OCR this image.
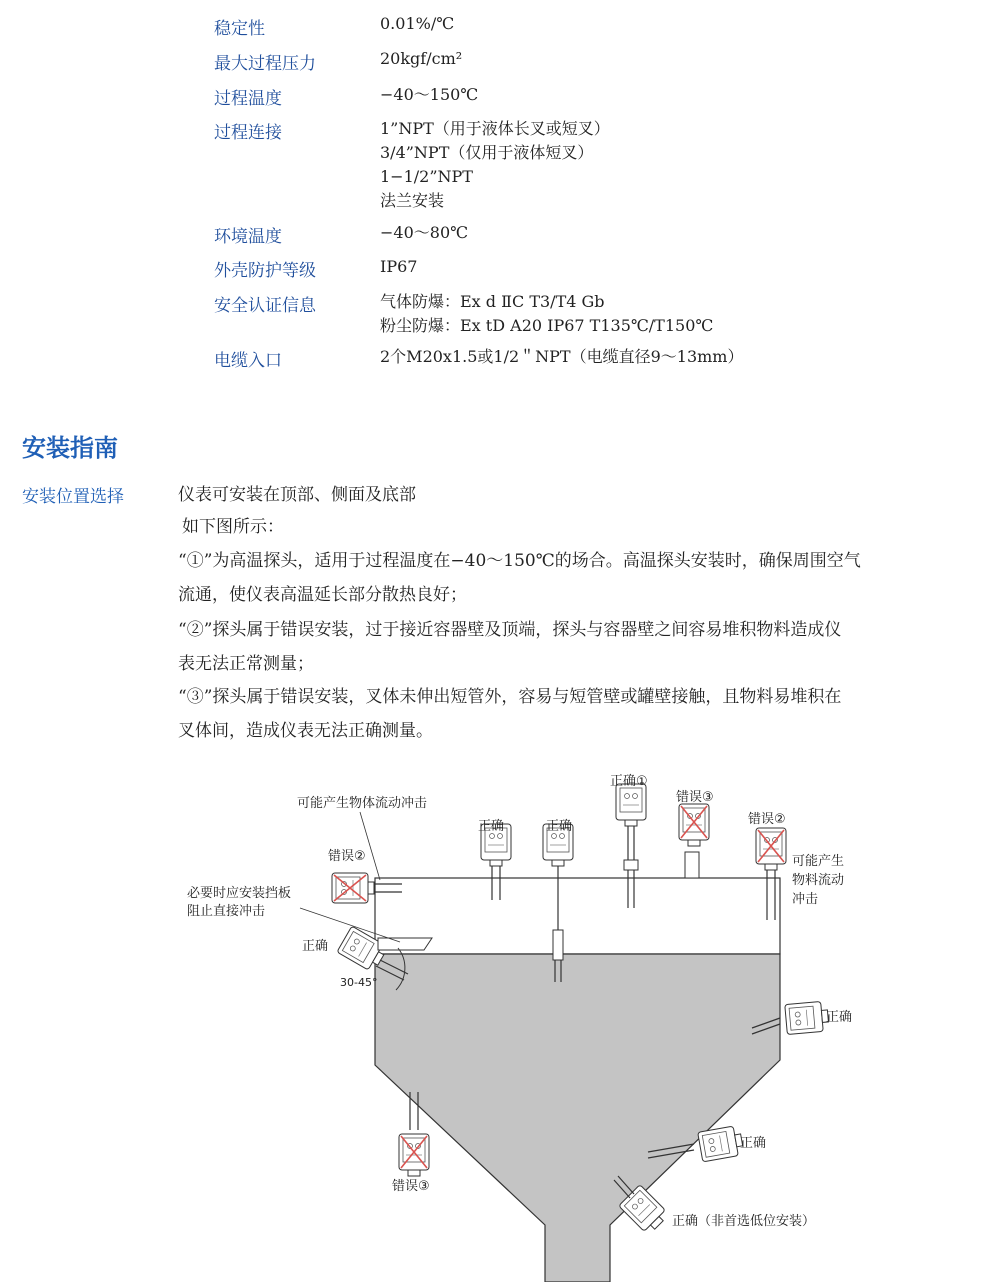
稳定性	0.01%/℃
最大过程压力	20kgf/cm²
过程温度	−40～150℃
过程连接	1”NPT（用于液体长叉或短叉）
3/4”NPT（仅用于液体短叉）
1−1/2”NPT
法兰安装
环境温度	−40～80℃
外壳防护等级	IP67
安全认证信息	气体防爆：Ex d ⅡC T3/T4 Gb
粉尘防爆：Ex tD A20 IP67 T135℃/T150℃
电缆入口	2个M20x1.5或1/2＂NPT（电缆直径9～13mm）
安装指南
安装位置选择	仪表可安装在顶部、侧面及底部
如下图所示：
“①”为高温探头，适用于过程温度在−40～150℃的场合。高温探头安装时，确保周围空气
流通，使仪表高温延长部分散热良好；
“②”探头属于错误安装，过于接近容器壁及顶端，探头与容器壁之间容易堆积物料造成仪
表无法正常测量；
“③”探头属于错误安装，叉体未伸出短管外，容易与短管壁或罐壁接触，且物料易堆积在
叉体间，造成仪表无法正确测量。
可能产生物体流动冲击
错误②
必要时应安装挡板
阻止直接冲击
正确
30-45°
正确	正确
正确①
错误③
错误②
可能产生
物料流动
冲击
正确
正确
正确（非首选低位安装）
错误③
